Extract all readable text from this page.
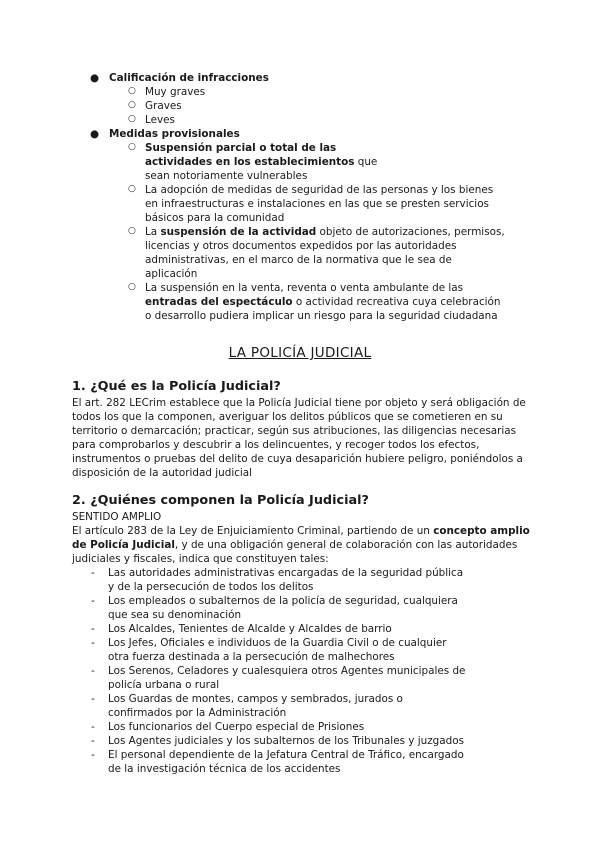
● Calificación de infracciones
○ Muy graves
○ Graves
○ Leves
● Medidas provisionales
○ Suspensión parcial o total de las actividades en los establecimientos que sean notoriamente vulnerables
○ La adopción de medidas de seguridad de las personas y los bienes en infraestructuras e instalaciones en las que se presten servicios básicos para la comunidad
○ La suspensión de la actividad objeto de autorizaciones, permisos, licencias y otros documentos expedidos por las autoridades administrativas, en el marco de la normativa que le sea de aplicación
○ La suspensión en la venta, reventa o venta ambulante de las entradas del espectáculo o actividad recreativa cuya celebración o desarrollo pudiera implicar un riesgo para la seguridad ciudadana
LA POLICÍA JUDICIAL
1. ¿Qué es la Policía Judicial?
El art. 282 LECrim establece que la Policía Judicial tiene por objeto y será obligación de todos los que la componen, averiguar los delitos públicos que se cometieren en su territorio o demarcación; practicar, según sus atribuciones, las diligencias necesarias para comprobarlos y descubrir a los delincuentes, y recoger todos los efectos, instrumentos o pruebas del delito de cuya desaparición hubiere peligro, poniéndolos a disposición de la autoridad judicial
2. ¿Quiénes componen la Policía Judicial?
SENTIDO AMPLIO
El artículo 283 de la Ley de Enjuiciamiento Criminal, partiendo de un concepto amplio de Policía Judicial, y de una obligación general de colaboración con las autoridades judiciales y fiscales, indica que constituyen tales:
- Las autoridades administrativas encargadas de la seguridad pública y de la persecución de todos los delitos
- Los empleados o subalternos de la policía de seguridad, cualquiera que sea su denominación
- Los Alcaldes, Tenientes de Alcalde y Alcaldes de barrio
- Los Jefes, Oficiales e individuos de la Guardia Civil o de cualquier otra fuerza destinada a la persecución de malhechores
- Los Serenos, Celadores y cualesquiera otros Agentes municipales de policía urbana o rural
- Los Guardas de montes, campos y sembrados, jurados o confirmados por la Administración
- Los funcionarios del Cuerpo especial de Prisiones
- Los Agentes judiciales y los subalternos de los Tribunales y juzgados
- El personal dependiente de la Jefatura Central de Tráfico, encargado de la investigación técnica de los accidentes
